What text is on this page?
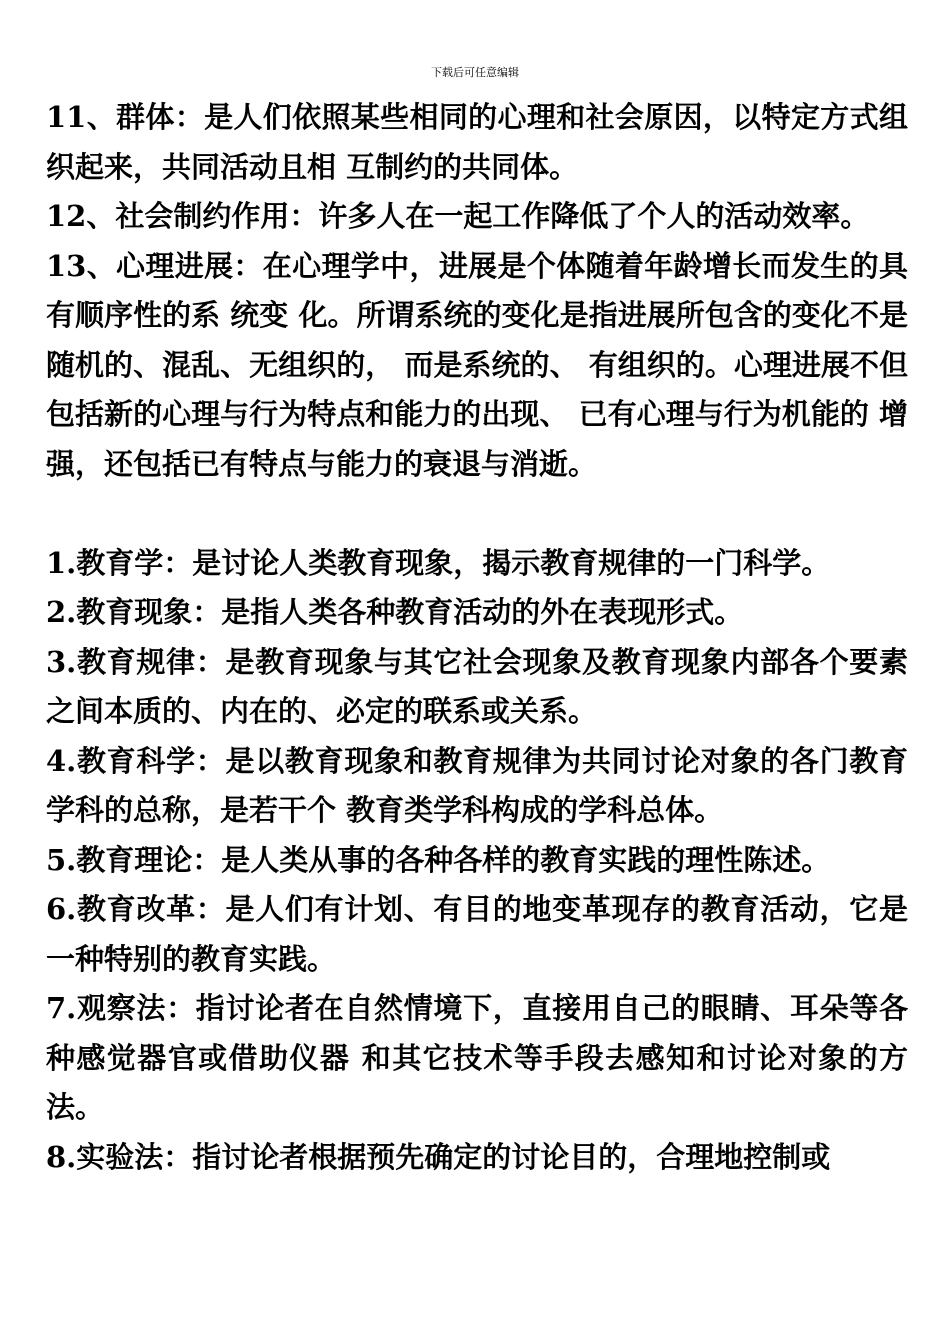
下载后可任意编辑

11、群体：是人们依照某些相同的心理和社会原因，以特定方式组织起来，共同活动且相 互制约的共同体。

12、社会制约作用：许多人在一起工作降低了个人的活动效率。

13、心理进展：在心理学中，进展是个体随着年龄增长而发生的具有顺序性的系 统变 化。所谓系统的变化是指进展所包含的变化不是随机的、混乱、无组织的， 而是系统的、 有组织的。心理进展不但包括新的心理与行为特点和能力的出现、 已有心理与行为机能的 增强，还包括已有特点与能力的衰退与消逝。

1.教育学：是讨论人类教育现象，揭示教育规律的一门科学。

2.教育现象：是指人类各种教育活动的外在表现形式。

3.教育规律：是教育现象与其它社会现象及教育现象内部各个要素之间本质的、内在的、必定的联系或关系。

4.教育科学：是以教育现象和教育规律为共同讨论对象的各门教育学科的总称，是若干个 教育类学科构成的学科总体。

5.教育理论：是人类从事的各种各样的教育实践的理性陈述。

6.教育改革：是人们有计划、有目的地变革现存的教育活动，它是一种特别的教育实践。

7.观察法：指讨论者在自然情境下，直接用自己的眼睛、耳朵等各种感觉器官或借助仪器 和其它技术等手段去感知和讨论对象的方法。

8.实验法：指讨论者根据预先确定的讨论目的，合理地控制或
